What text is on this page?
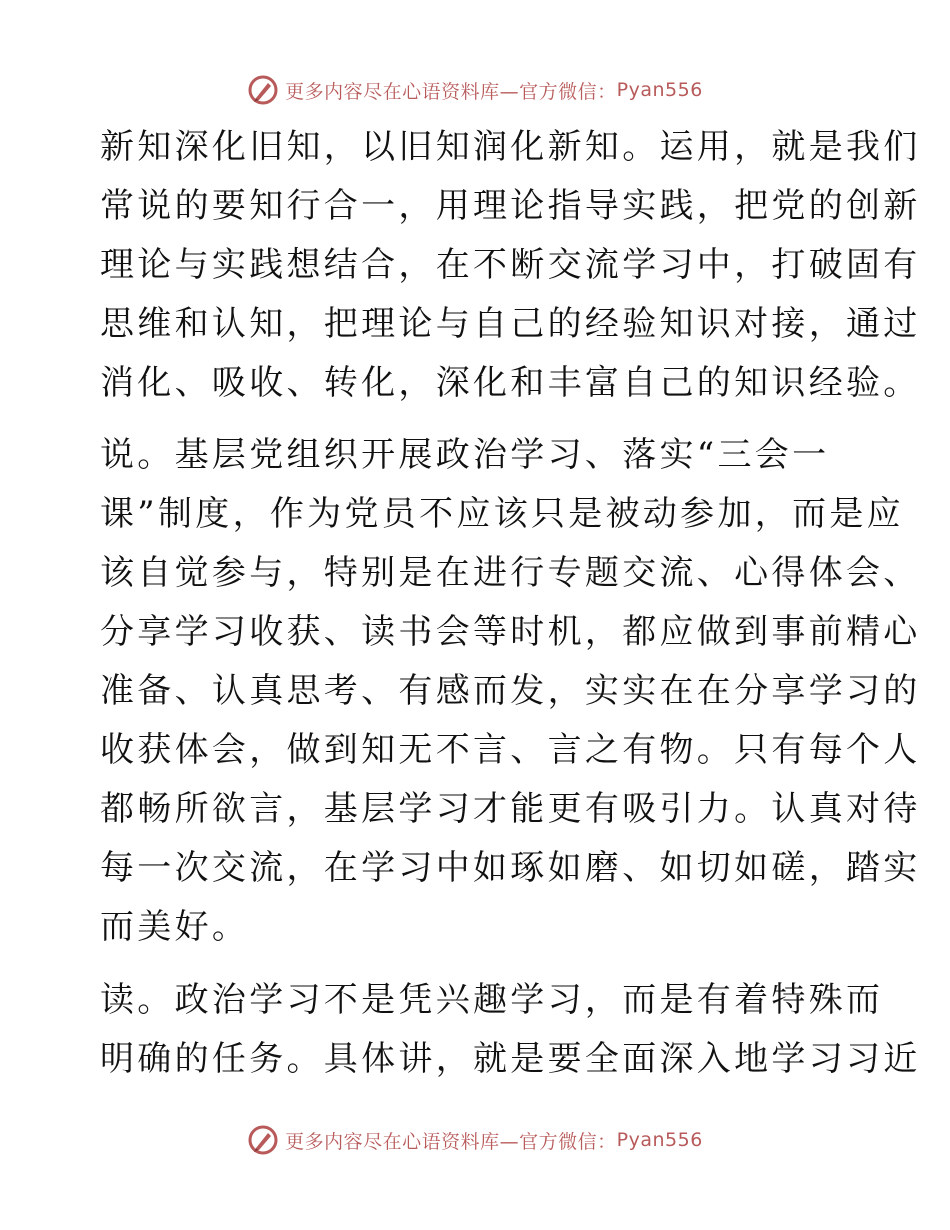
更多内容尽在心语资料库—官方微信： Pyan556
新知深化旧知，以旧知润化新知。运用，就是我们
常说的要知行合一，用理论指导实践，把党的创新
理论与实践想结合，在不断交流学习中，打破固有
思维和认知，把理论与自己的经验知识对接，通过
消化、吸收、转化，深化和丰富自己的知识经验。
说。基层党组织开展政治学习、落实“三会一
课”制度，作为党员不应该只是被动参加，而是应
该自觉参与，特别是在进行专题交流、心得体会、
分享学习收获、读书会等时机，都应做到事前精心
准备、认真思考、有感而发，实实在在分享学习的
收获体会，做到知无不言、言之有物。只有每个人
都畅所欲言，基层学习才能更有吸引力。认真对待
每一次交流，在学习中如琢如磨、如切如磋，踏实
而美好。
读。政治学习不是凭兴趣学习，而是有着特殊而
明确的任务。具体讲，就是要全面深入地学习习近
更多内容尽在心语资料库—官方微信： Pyan556
